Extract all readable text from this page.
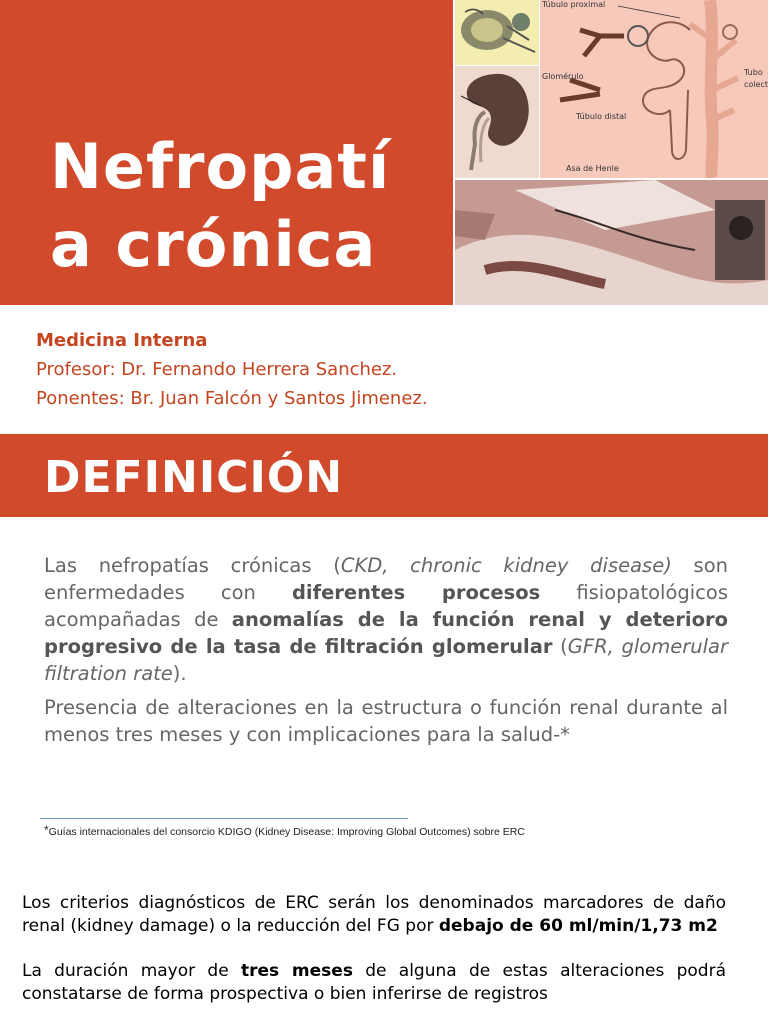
Nefropatí
a crónica
Túbulo proximal
Glomérulo
Túbulo distal
Asa de Henle
Tubo
colect
Medicina Interna
Profesor: Dr. Fernando Herrera Sanchez.
Ponentes: Br. Juan Falcón y Santos Jimenez.
DEFINICIÓN

Las nefropatías crónicas (CKD, chronic kidney disease) son enfermedades con diferentes procesos fisiopatológicos acompañadas de anomalías de la función renal y deterioro progresivo de la tasa de filtración glomerular (GFR, glomerular filtration rate).

Presencia de alteraciones en la estructura o función renal durante al menos tres meses y con implicaciones para la salud-*

*Guías internacionales del consorcio KDIGO (Kidney Disease: Improving Global Outcomes) sobre ERC

Los criterios diagnósticos de ERC serán los denominados marcadores de daño renal (kidney damage) o la reducción del FG por debajo de 60 ml/min/1,73 m2

La duración mayor de tres meses de alguna de estas alteraciones podrá constatarse de forma prospectiva o bien inferirse de registros
